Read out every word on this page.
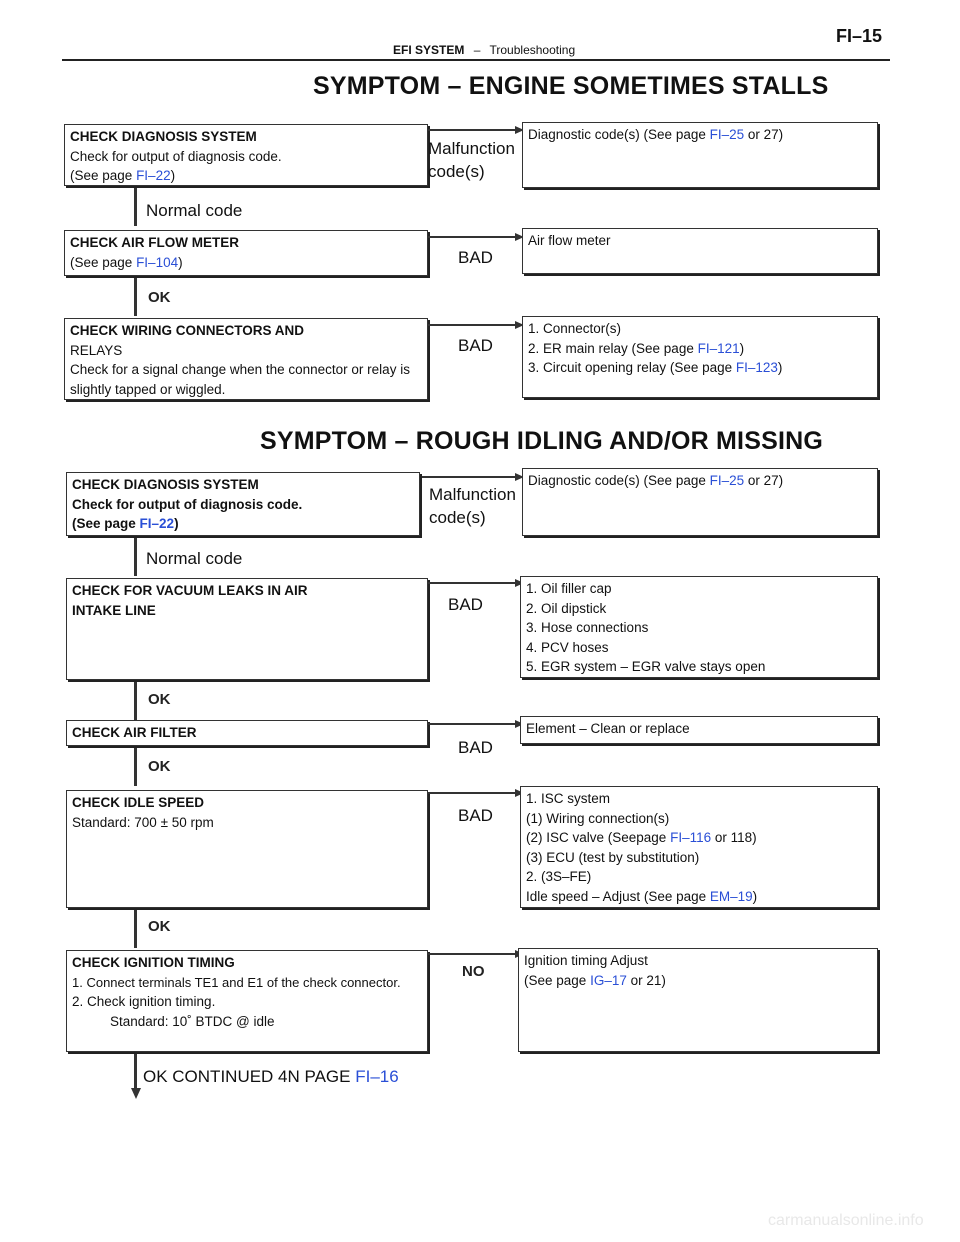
EFI SYSTEM – Troubleshooting
FI–15
SYMPTOM – ENGINE SOMETIMES STALLS
CHECK DIAGNOSIS SYSTEM
Check for output of diagnosis code.
(See page FI–22)
Malfunction
code(s)
Diagnostic code(s) (See page FI–25 or 27)
Normal code
CHECK AIR FLOW METER
(See page FI–104)	BAD
Air flow meter
OK
CHECK WIRING CONNECTORS AND
RELAYS
Check for a signal change when the connector or relay is
slightly tapped or wiggled.
BAD
1. Connector(s)
2. ER main relay (See page FI–121)
3. Circuit opening relay (See page FI–123)
SYMPTOM – ROUGH IDLING AND/OR MISSING
CHECK DIAGNOSIS SYSTEM
Check for output of diagnosis code.
(See page FI–22)
Malfunction
code(s)
Diagnostic code(s) (See page FI–25 or 27)
Normal code
CHECK FOR VACUUM LEAKS IN AIR
INTAKE LINE	BAD
1. Oil filler cap
2. Oil dipstick
3. Hose connections
4. PCV hoses
5. EGR system – EGR valve stays open
OK
CHECK AIR FILTER
BAD
Element – Clean or replace
OK
CHECK IDLE SPEED
Standard: 700 ± 50 rpm	BAD
1. ISC system
(1) Wiring connection(s)
(2) ISC valve (Seepage FI–116 or 118)
(3) ECU (test by substitution)
2. (3S–FE)
Idle speed – Adjust (See page EM–19)
OK
CHECK IGNITION TIMING
1. Connect terminals TE1 and E1 of the check connector.
2. Check ignition timing.
Standard: 10˚ BTDC @ idle
NO
Ignition timing Adjust
(See page IG–17 or 21)
OK CONTINUED 4N PAGE FI–16
carmanualsonline.info
